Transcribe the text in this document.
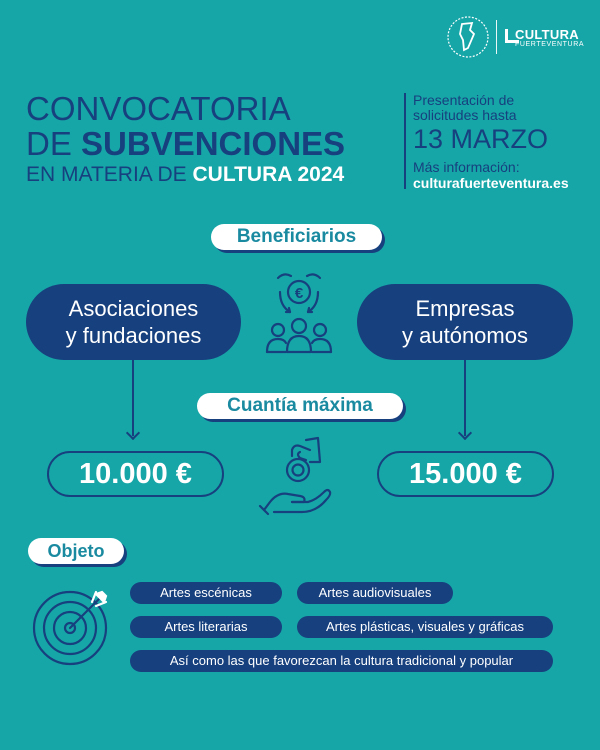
CULTURA
FUERTEVENTURA
CONVOCATORIA
DE SUBVENCIONES
EN MATERIA DE CULTURA 2024
Presentación de
solicitudes hasta
13 MARZO
Más información:
culturafuerteventura.es
Beneficiarios
Asociaciones
y fundaciones
Empresas
y autónomos
€
Cuantía máxima
10.000 €	15.000 €
Objeto
Artes escénicas	Artes audiovisuales
Artes literarias	Artes plásticas, visuales y gráficas
Así como las que favorezcan la cultura tradicional y popular
